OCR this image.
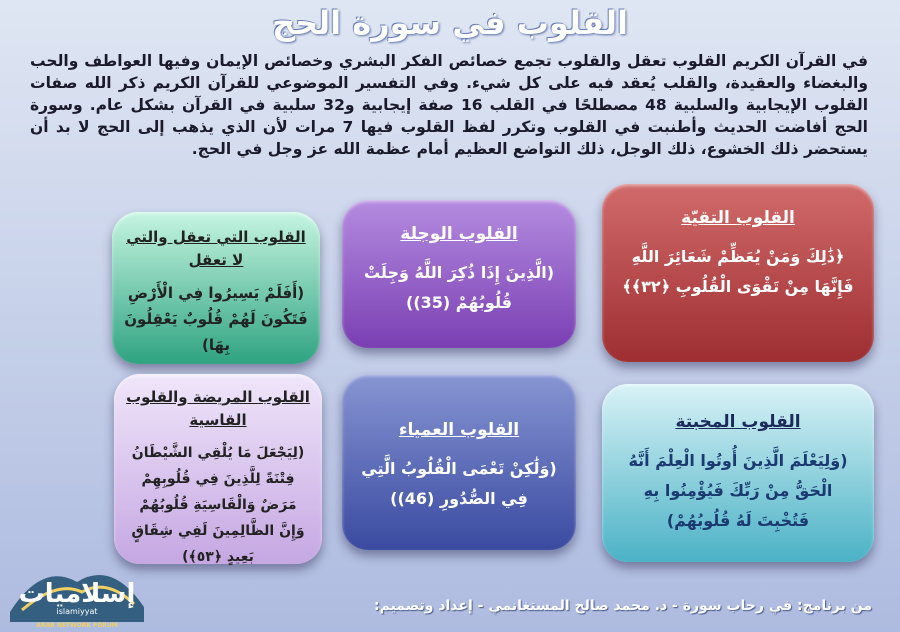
القلوب في سورة الحج
في القرآن الكريم القلوب تعقل والقلوب تجمع خصائص الفكر البشري وخصائص الإيمان وفيها العواطف والحب والبغضاء والعقيدة، والقلب يُعقد فيه على كل شيء. وفي التفسير الموضوعي للقرآن الكريم ذكر الله صفات القلوب الإيجابية والسلبية 48 مصطلحًا في القلب 16 صفة إيجابية و32 سلبية في القرآن بشكل عام. وسورة الحج أفاضت الحديث وأطنبت في القلوب وتكرر لفظ القلوب فيها 7 مرات لأن الذي يذهب إلى الحج لا بد أن يستحضر ذلك الخشوع، ذلك الوجل، ذلك التواضع العظيم أمام عظمة الله عز وجل في الحج.
القلوب التقيّة
﴿ذَٰلِكَ وَمَنْ يُعَظِّمْ شَعَائِرَ اللَّهِ فَإِنَّهَا مِنْ تَقْوَى الْقُلُوبِ ﴿٣٢﴾﴾
القلوب الوجلة
(الَّذِينَ إِذَا ذُكِرَ اللَّهُ وَجِلَتْ قُلُوبُهُمْ (35))
القلوب التي تعقل والتي لا تعقل
(أَفَلَمْ يَسِيرُوا فِي الْأَرْضِ فَتَكُونَ لَهُمْ قُلُوبٌ يَعْقِلُونَ بِهَا)
القلوب المخبتة
(وَلِيَعْلَمَ الَّذِينَ أُوتُوا الْعِلْمَ أَنَّهُ الْحَقُّ مِنْ رَبِّكَ فَيُؤْمِنُوا بِهِ فَتُخْبِتَ لَهُ قُلُوبُهُمْ)
القلوب العمياء
(وَلَٰكِنْ تَعْمَى الْقُلُوبُ الَّتِي فِي الصُّدُورِ (46))
القلوب المريضة والقلوب القاسية
(لِيَجْعَلَ مَا يُلْقِي الشَّيْطَانُ فِتْنَةً لِلَّذِينَ فِي قُلُوبِهِمْ مَرَضٌ وَالْقَاسِيَةِ قُلُوبُهُمْ وَإِنَّ الظَّالِمِينَ لَفِي شِقَاقٍ بَعِيدٍ ﴿٥٣﴾)
من برنامج: في رحاب سورة - د. محمد صالح المستغانمي - إعداد وتصميم:
إسلاميات
islamiyyat
ARAB NETWORK FORUM
